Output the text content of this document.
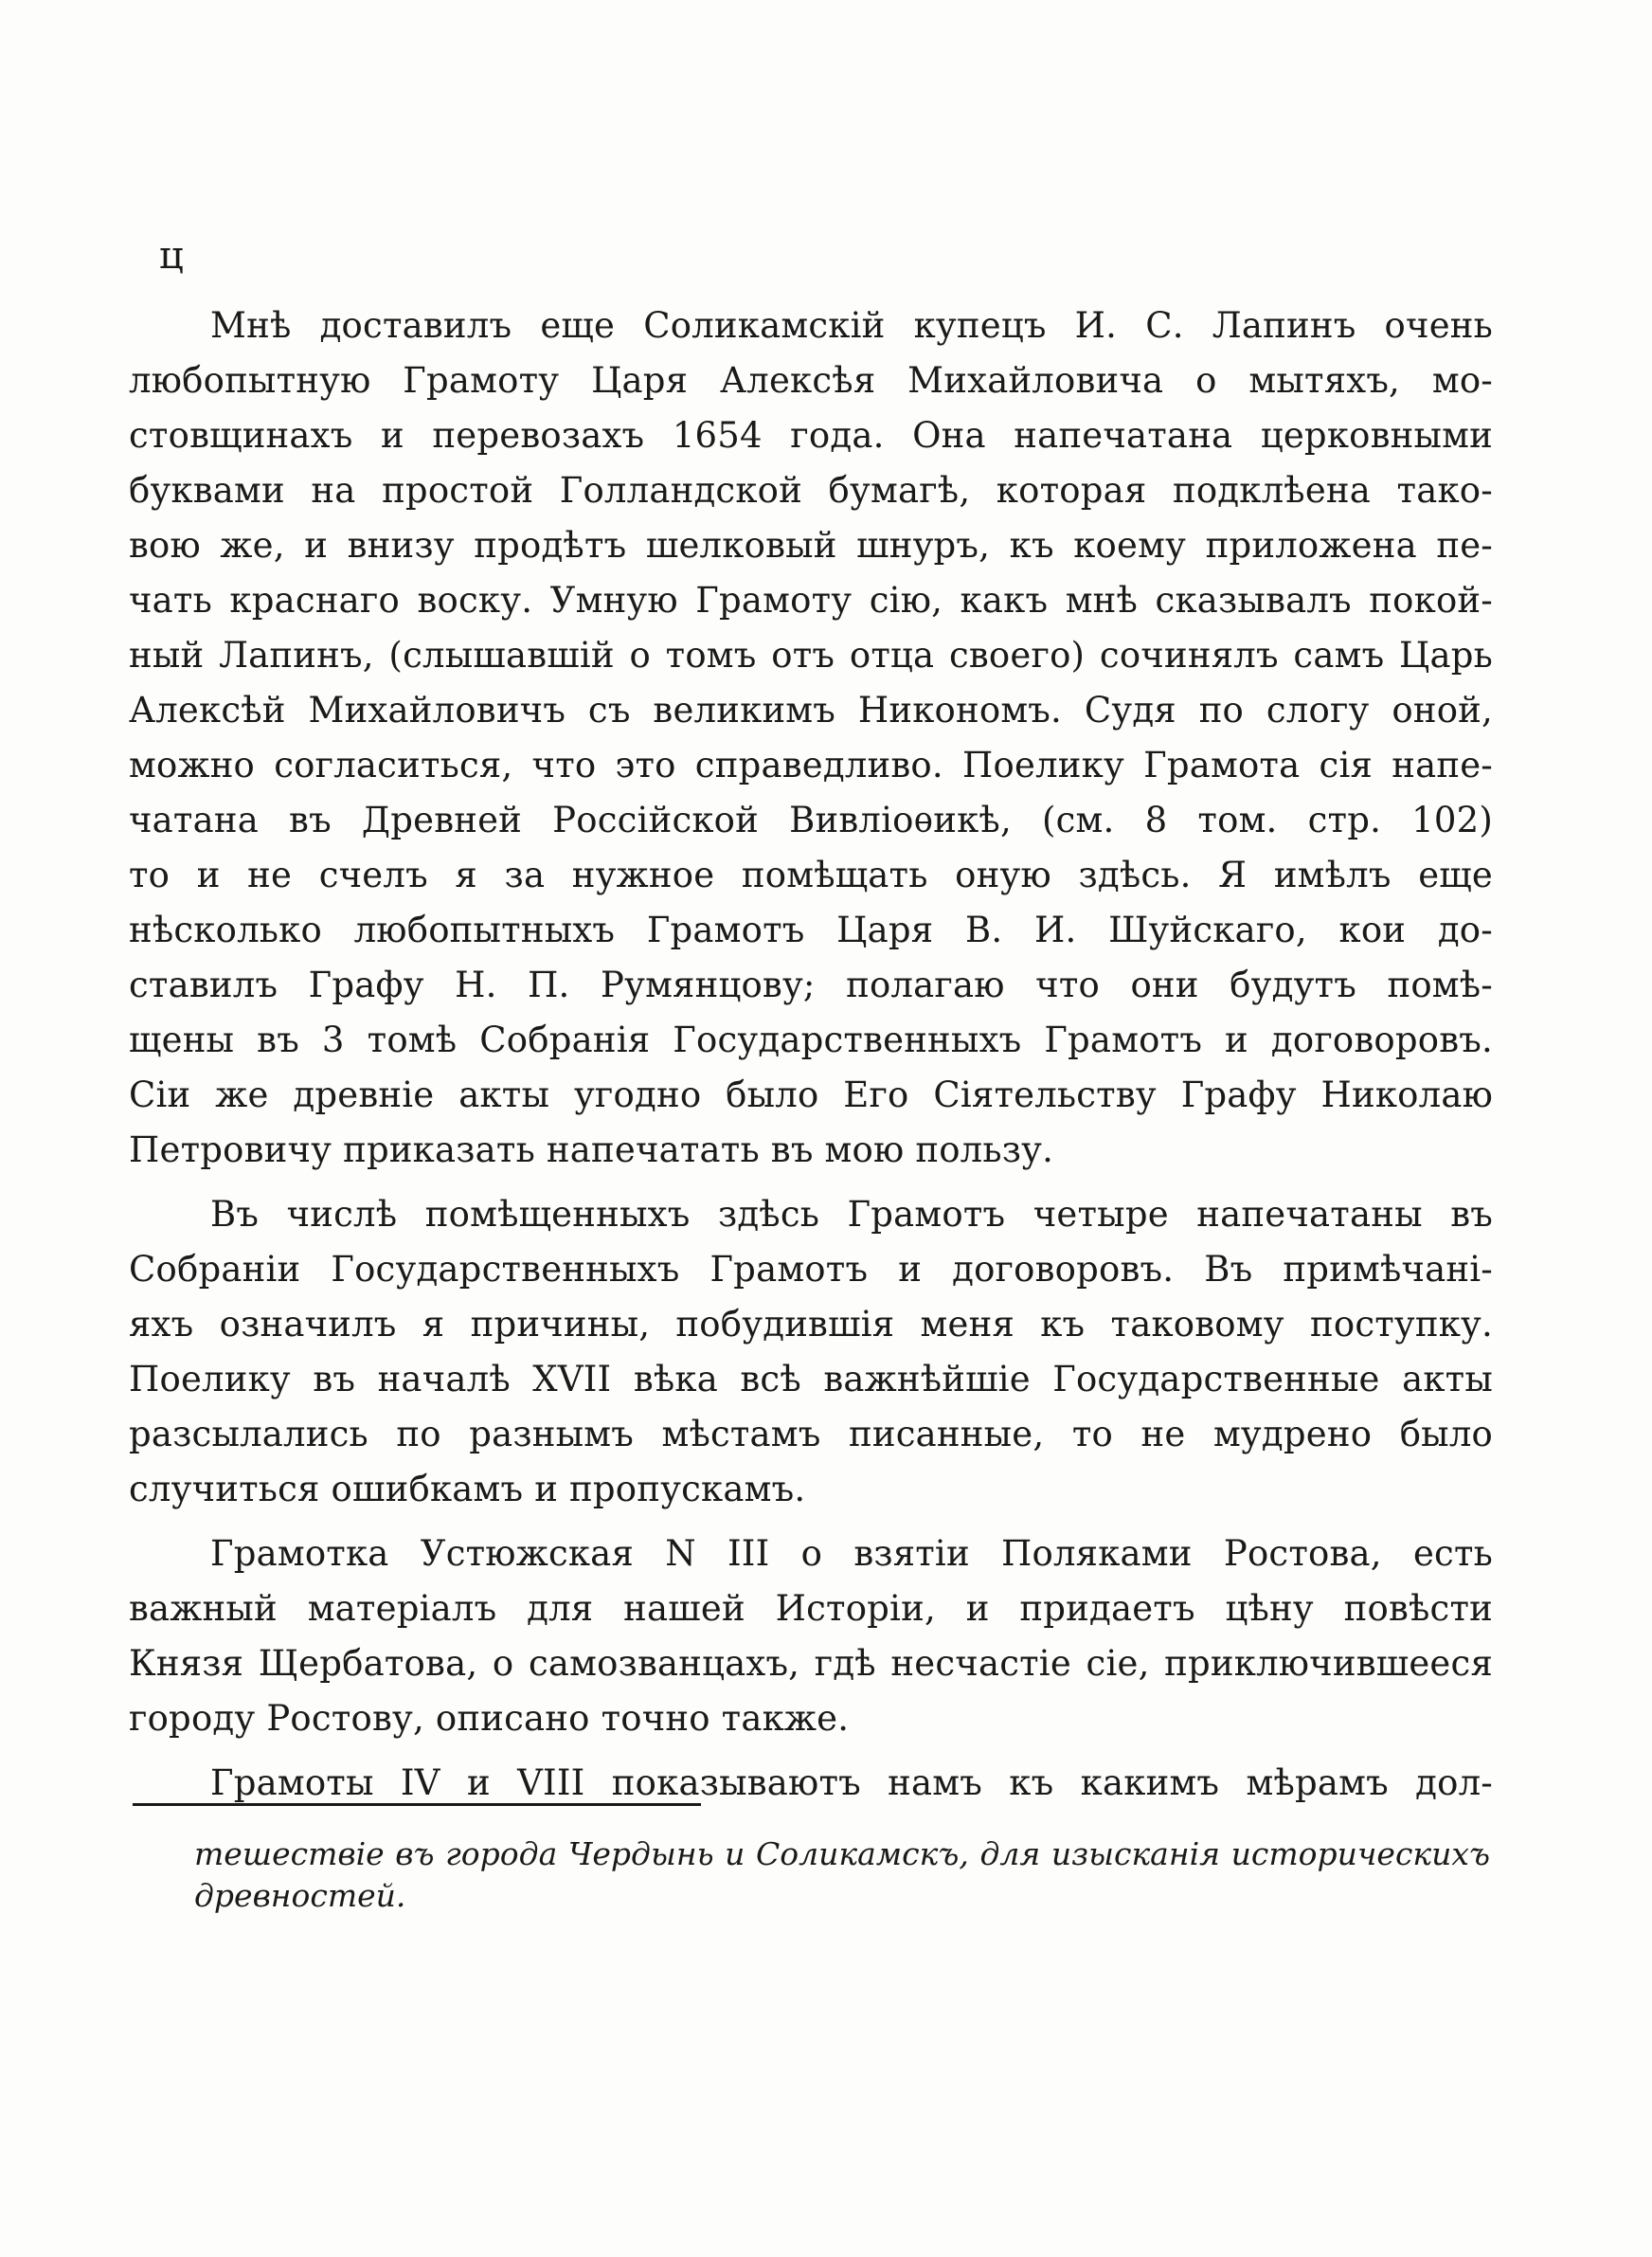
ц
Мнѣ доставилъ еще Соликамскій купецъ И. С. Лапинъ очень
любопытную Грамоту Царя Алексѣя Михайловича о мытяхъ, мо-
стовщинахъ и перевозахъ 1654 года. Она напечатана церковными
буквами на простой Голландской бумагѣ, которая подклѣена тако-
вою же, и внизу продѣтъ шелковый шнуръ, къ коему приложена пе-
чать краснаго воску. Умную Грамоту сію, какъ мнѣ сказывалъ покой-
ный Лапинъ, (слышавшій о томъ отъ отца своего) сочинялъ самъ Царь
Алексѣй Михайловичъ съ великимъ Никономъ. Судя по слогу оной,
можно согласиться, что это справедливо. Поелику Грамота сія напе-
чатана въ Древней Россійской Вивліоѳикѣ, (см. 8 том. стр. 102)
то и не счелъ я за нужное помѣщать оную здѣсь. Я имѣлъ еще
нѣсколько любопытныхъ Грамотъ Царя В. И. Шуйскаго, кои до-
ставилъ Графу Н. П. Румянцову; полагаю что они будутъ помѣ-
щены въ 3 томѣ Собранія Государственныхъ Грамотъ и договоровъ.
Сіи же древніе акты угодно было Его Сіятельству Графу Николаю
Петровичу приказать напечатать въ мою пользу.
Въ числѣ помѣщенныхъ здѣсь Грамотъ четыре напечатаны въ
Собраніи Государственныхъ Грамотъ и договоровъ. Въ примѣчані-
яхъ означилъ я причины, побудившія меня къ таковому поступку.
Поелику въ началѣ XVII вѣка всѣ важнѣйшіе Государственные акты
разсылались по разнымъ мѣстамъ писанные, то не мудрено было
случиться ошибкамъ и пропускамъ.
Грамотка Устюжская N III о взятіи Поляками Ростова, есть
важный матеріалъ для нашей Исторіи, и придаетъ цѣну повѣсти
Князя Щербатова, о самозванцахъ, гдѣ несчастіе сіе, приключившееся
городу Ростову, описано точно также.
Грамоты IV и VIII показываютъ намъ къ какимъ мѣрамъ дол-
тешествіе въ города Чердынь и Соликамскъ, для изысканія историческихъ
древностей.
